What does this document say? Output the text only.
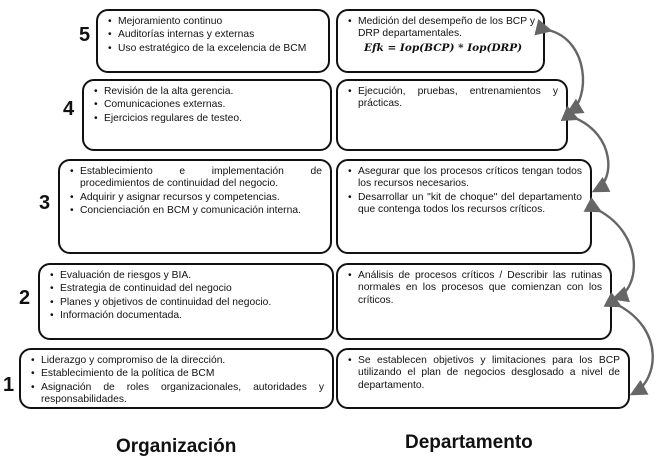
5
4
3
2
1
• Mejoramiento continuo
• Auditorías internas y externas
• Uso estratégico de la excelencia de BCM
• Revisión de la alta gerencia.
• Comunicaciones externas.
• Ejercicios regulares de testeo.
• Establecimiento e implementación de procedimientos de continuidad del negocio.
• Adquirir y asignar recursos y competencias.
• Concienciación en BCM y comunicación interna.
• Evaluación de riesgos y BIA.
• Estrategia de continuidad del negocio
• Planes y objetivos de continuidad del negocio.
• Información documentada.
• Liderazgo y compromiso de la dirección.
• Establecimiento de la política de BCM
• Asignación de roles organizacionales, autoridades y responsabilidades.
• Medición del desempeño de los BCP y DRP departamentales.
Efk = Iop(BCP) * Iop(DRP)
• Ejecución, pruebas, entrenamientos y prácticas.
• Asegurar que los procesos críticos tengan todos los recursos necesarios.
• Desarrollar un "kit de choque" del departamento que contenga todos los recursos críticos.
• Análisis de procesos críticos / Describir las rutinas normales en los procesos que comienzan con los críticos.
• Se establecen objetivos y limitaciones para los BCP utilizando el plan de negocios desglosado a nivel de departamento.
Organización	Departamento
